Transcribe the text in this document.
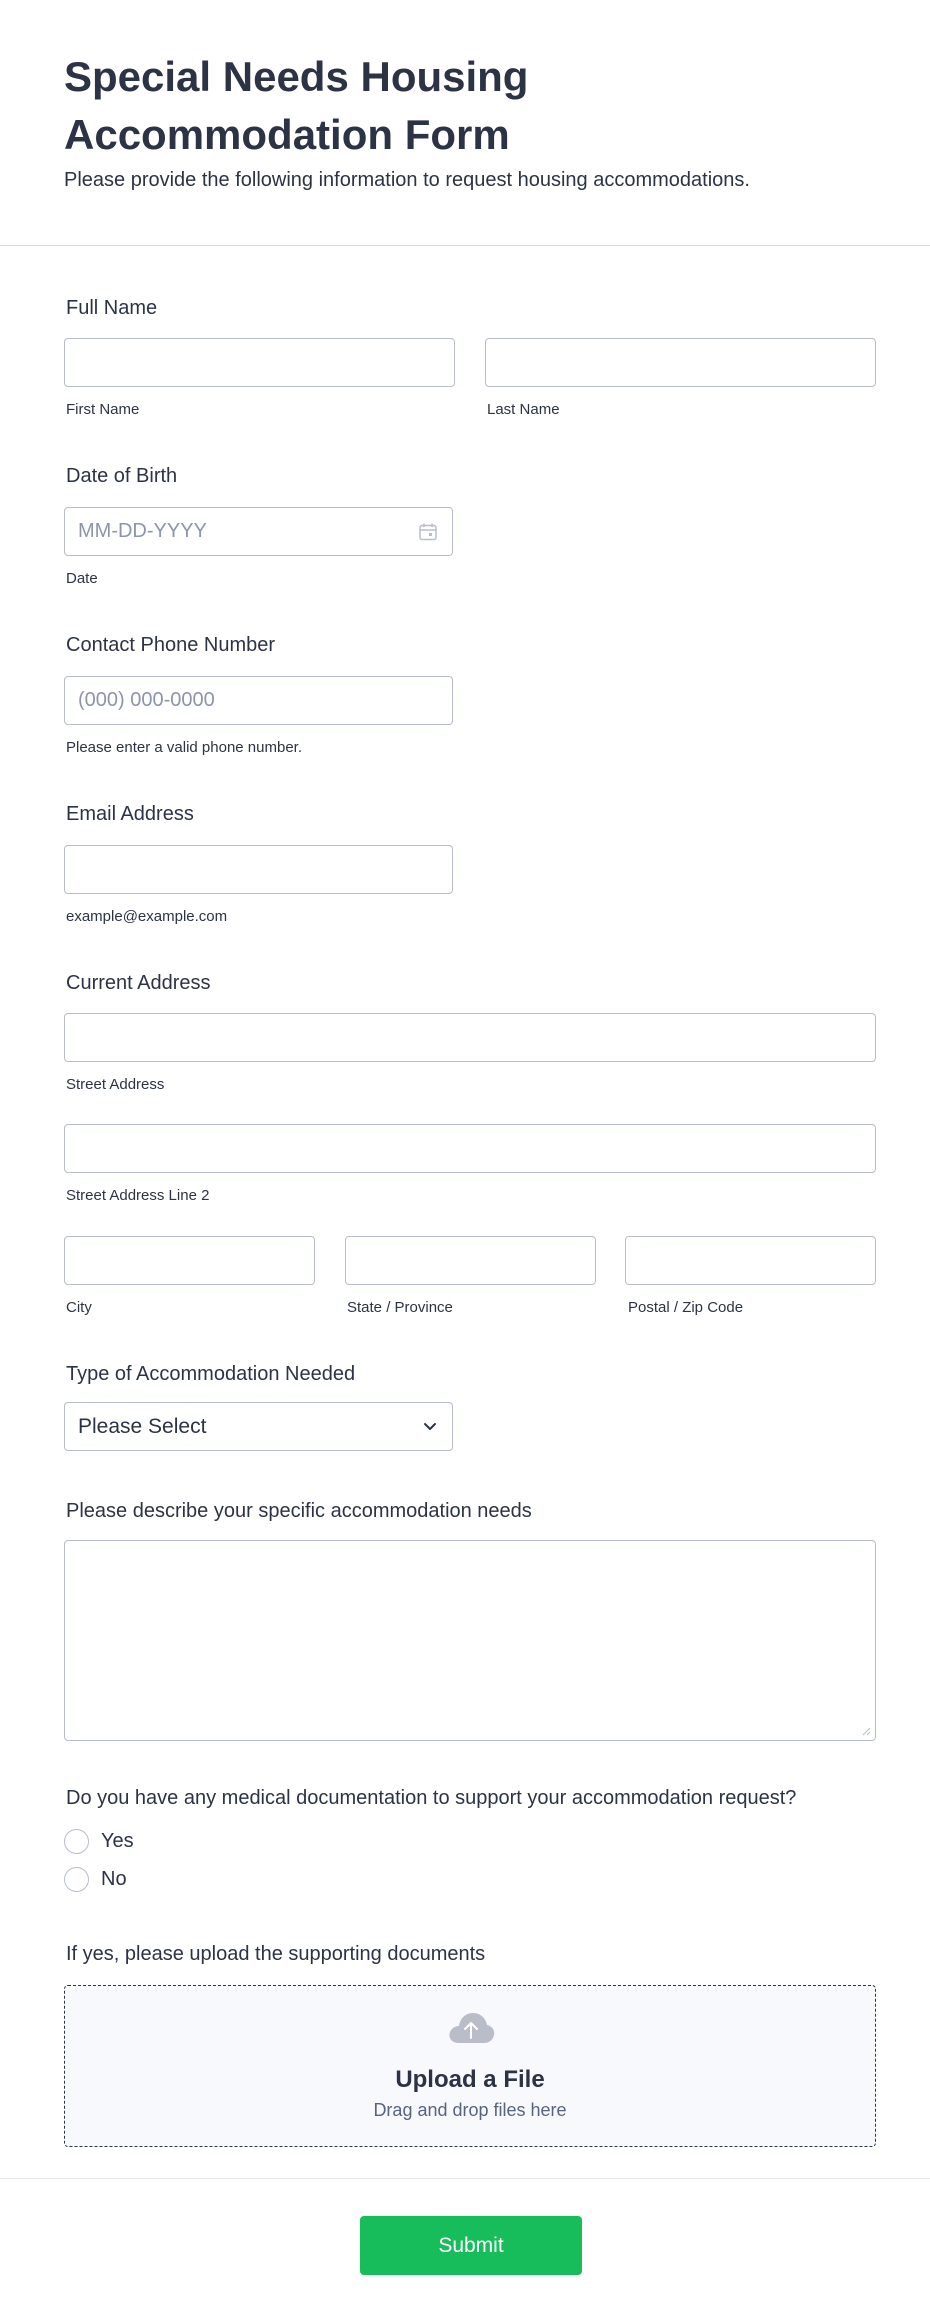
Special Needs Housing Accommodation Form
Please provide the following information to request housing accommodations.
Full Name
First Name	Last Name
Date of Birth
MM-DD-YYYY
Date
Contact Phone Number
(000) 000-0000
Please enter a valid phone number.
Email Address
example@example.com
Current Address
Street Address
Street Address Line 2
City	State / Province	Postal / Zip Code
Type of Accommodation Needed
Please Select
Please describe your specific accommodation needs
Do you have any medical documentation to support your accommodation request?
Yes
No
If yes, please upload the supporting documents
Upload a File
Drag and drop files here
Submit
